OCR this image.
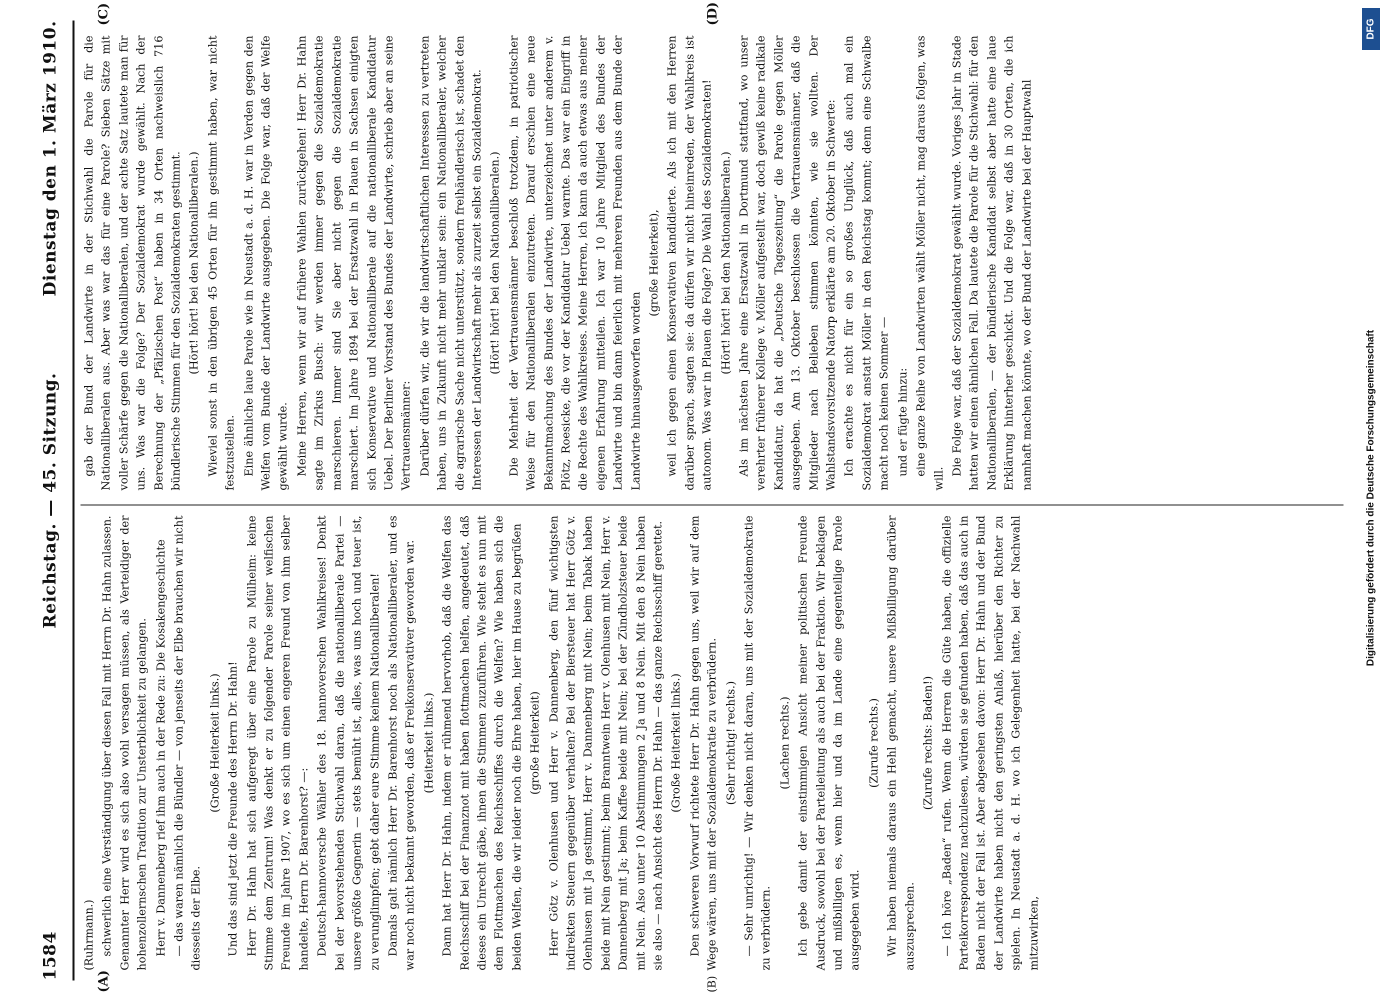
1584
Reichstag. — 45. Sitzung.
Dienstag den 1. März 1910.
(A)	(B)
(C)	(D)

(Ruhrmann.) schwerlich eine Verständigung über diesen Fall mit Herrn Dr. Hahn zulassen. Genannter Herr wird es sich also wohl versagen müssen, als Verteidiger der hohenzollernschen Tradition zur Unsterblichkeit zu gelangen. Herr v. Dannenberg rief ihm auch in der Rede zu: Die Kosakengeschichte — das waren nämlich die Bündler — von jenseits der Elbe brauchen wir nicht diesseits der Elbe.

(Große Heiterkeit links.) Und das sind jetzt die Freunde des Herrn Dr. Hahn! Herr Dr. Hahn hat sich aufgeregt über eine Parole zu Mülheim: keine Stimme dem Zentrum! Was denkt er zu folgender Parole seiner welfischen Freunde im Jahre 1907, wo es sich um einen engeren Freund von ihm selber handelte, Herrn Dr. Barenhorst? —: Deutsch-hannoversche Wähler des 18. hannoverschen Wahlkreises! Denkt bei der bevorstehenden Stichwahl daran, daß die nationalliberale Partei — unsere größte Gegnerin — stets bemüht ist, alles, was uns hoch und teuer ist, zu verunglimpfen; gebt daher eure Stimme keinem Nationalliberalen! Damals galt nämlich Herr Dr. Barenhorst noch als Nationalliberaler, und es war noch nicht bekannt geworden, daß er Freikonservativer geworden war. (Heiterkeit links.) Dann hat Herr Dr. Hahn, indem er rühmend hervorhob, daß die Welfen das Reichsschiff bei der Finanznot mit haben flottmachen helfen, angedeutet, daß dieses ein Unrecht gäbe, ihnen die Stimmen zuzuführen. Wie steht es nun mit dem Flottmachen des Reichsschiffes durch die Welfen? Wie haben sich die beiden Welfen, die wir leider noch die Ehre haben, hier im Hause zu begrüßen (große Heiterkeit) Herr Götz v. Olenhusen und Herr v. Dannenberg, den fünf wichtigsten indirekten Steuern gegenüber verhalten? Bei der Biersteuer hat Herr Götz v. Olenhusen mit Ja gestimmt, Herr v. Dannenberg mit Nein; beim Tabak haben beide mit Nein gestimmt; beim Branntwein Herr v. Olenhusen mit Nein, Herr v. Dannenberg mit Ja; beim Kaffee beide mit Nein; bei der Zündholzsteuer beide mit Nein. Also unter 10 Abstimmungen 2 Ja und 8 Nein. Mit den 8 Nein haben sie also — nach Ansicht des Herrn Dr. Hahn — das ganze Reichsschiff gerettet. (Große Heiterkeit links.) Den schweren Vorwurf richtete Herr Dr. Hahn gegen uns, weil wir auf dem Wege wären, uns mit der Sozialdemokratie zu verbrüdern. (Sehr richtig! rechts.) — Sehr unrichtig! — Wir denken nicht daran, uns mit der Sozialdemokratie zu verbrüdern.

(Lachen rechts.) Ich gebe damit der einstimmigen Ansicht meiner politischen Freunde Ausdruck, sowohl bei der Parteileitung als auch bei der Fraktion. Wir beklagen und mißbilligen es, wenn hier und da im Lande eine gegenteilige Parole ausgegeben wird.

(Zurufe rechts.) Wir haben niemals daraus ein Hehl gemacht, unsere Mißbilligung darüber auszusprechen.

(Zurufe rechts: Baden!) — Ich höre „Baden“ rufen. Wenn die Herren die Güte haben, die offizielle Parteikorrespondenz nachzulesen, würden sie gefunden haben, daß das auch in Baden nicht der Fall ist. Aber abgesehen davon: Herr Dr. Hahn und der Bund der Landwirte haben nicht den geringsten Anlaß, hierüber den Richter zu spielen. In Neustadt a. d. H. wo ich Gelegenheit hatte, bei der Nachwahl mitzuwirken,

gab der Bund der Landwirte in der Stichwahl die Parole für die Nationalliberalen aus. Aber was war das für eine Parole? Sieben Sätze mit voller Schärfe gegen die Nationalliberalen, und der achte Satz lautete man für uns. Was war die Folge? Der Sozialdemokrat wurde gewählt. Nach der Berechnung der „Pfälzischen Post“ haben in 34 Orten nachweislich 716 bündlerische Stimmen für den Sozialdemokraten gestimmt. (Hört! hört! bei den Nationalliberalen.) Wieviel sonst in den übrigen 45 Orten für ihn gestimmt haben, war nicht festzustellen. Eine ähnliche laue Parole wie in Neustadt a. d. H. war in Verden gegen den Welfen vom Bunde der Landwirte ausgegeben. Die Folge war, daß der Welfe gewählt wurde. Meine Herren, wenn wir auf frühere Wahlen zurückgehen! Herr Dr. Hahn sagte im Zirkus Busch: wir werden immer gegen die Sozialdemokratie marschieren. Immer sind Sie aber nicht gegen die Sozialdemokratie marschiert. Im Jahre 1894 bei der Ersatzwahl in Plauen in Sachsen einigten sich Konservative und Nationalliberale auf die nationalliberale Kandidatur Uebel. Der Berliner Vorstand des Bundes der Landwirte, schrieb aber an seine Vertrauensmänner: Darüber dürfen wir, die wir die landwirtschaftlichen Interessen zu vertreten haben, uns in Zukunft nicht mehr unklar sein: ein Nationalliberaler, welcher die agrarische Sache nicht unterstützt, sondern freihändlerisch ist, schadet den Interessen der Landwirtschaft mehr als zurzeit selbst ein Sozialdemokrat. (Hört! hört! bei den Nationalliberalen.) Die Mehrheit der Vertrauensmänner beschloß trotzdem, in patriotischer Weise für den Nationalliberalen einzutreten. Darauf erschien eine neue Bekanntmachung des Bundes der Landwirte, unterzeichnet unter anderem v. Plötz, Roesicke, die vor der Kandidatur Uebel warnte. Das war ein Eingriff in die Rechte des Wahlkreises. Meine Herren, ich kann da auch etwas aus meiner eigenen Erfahrung mitteilen. Ich war 10 Jahre Mitglied des Bundes der Landwirte und bin dann feierlich mit mehreren Freunden aus dem Bunde der Landwirte hinausgeworfen worden

(große Heiterkeit), weil ich gegen einen Konservativen kandidierte. Als ich mit den Herren darüber sprach, sagten sie: da dürfen wir nicht hineinreden, der Wahlkreis ist autonom. Was war in Plauen die Folge? Die Wahl des Sozialdemokraten! (Hört! hört! bei den Nationalliberalen.) Als im nächsten Jahre eine Ersatzwahl in Dortmund stattfand, wo unser verehrter früherer Kollege v. Möller aufgestellt war, doch gewiß keine radikale Kandidatur, da hat die „Deutsche Tageszeitung“ die Parole gegen Möller ausgegeben. Am 13. Oktober beschlossen die Vertrauensmänner, daß die Mitglieder nach Belieben stimmen könnten, wie sie wollten. Der Wahlstandsvorsitzende Natorp erklärte am 20. Oktober in Schwerte: Ich erachte es nicht für ein so großes Unglück, daß auch mal ein Sozialdemokrat anstatt Möller in den Reichstag kommt; denn eine Schwalbe macht noch keinen Sommer — und er fügte hinzu: eine ganze Reihe von Landwirten wählt Möller nicht, mag daraus folgen, was will.

Die Folge war, daß der Sozialdemokrat gewählt wurde. Voriges Jahr in Stade hatten wir einen ähnlichen Fall. Da lautete die Parole für die Stichwahl: für den Nationalliberalen, — der bündlerische Kandidat selbst aber hatte eine laue Erklärung hinterher geschickt. Und die Folge war, daß in 30 Orten, die ich namhaft machen könnte, wo der Bund der Landwirte bei der Hauptwahl

Digitalisierung gefördert durch die Deutsche Forschungsgemeinschaft
DFG
